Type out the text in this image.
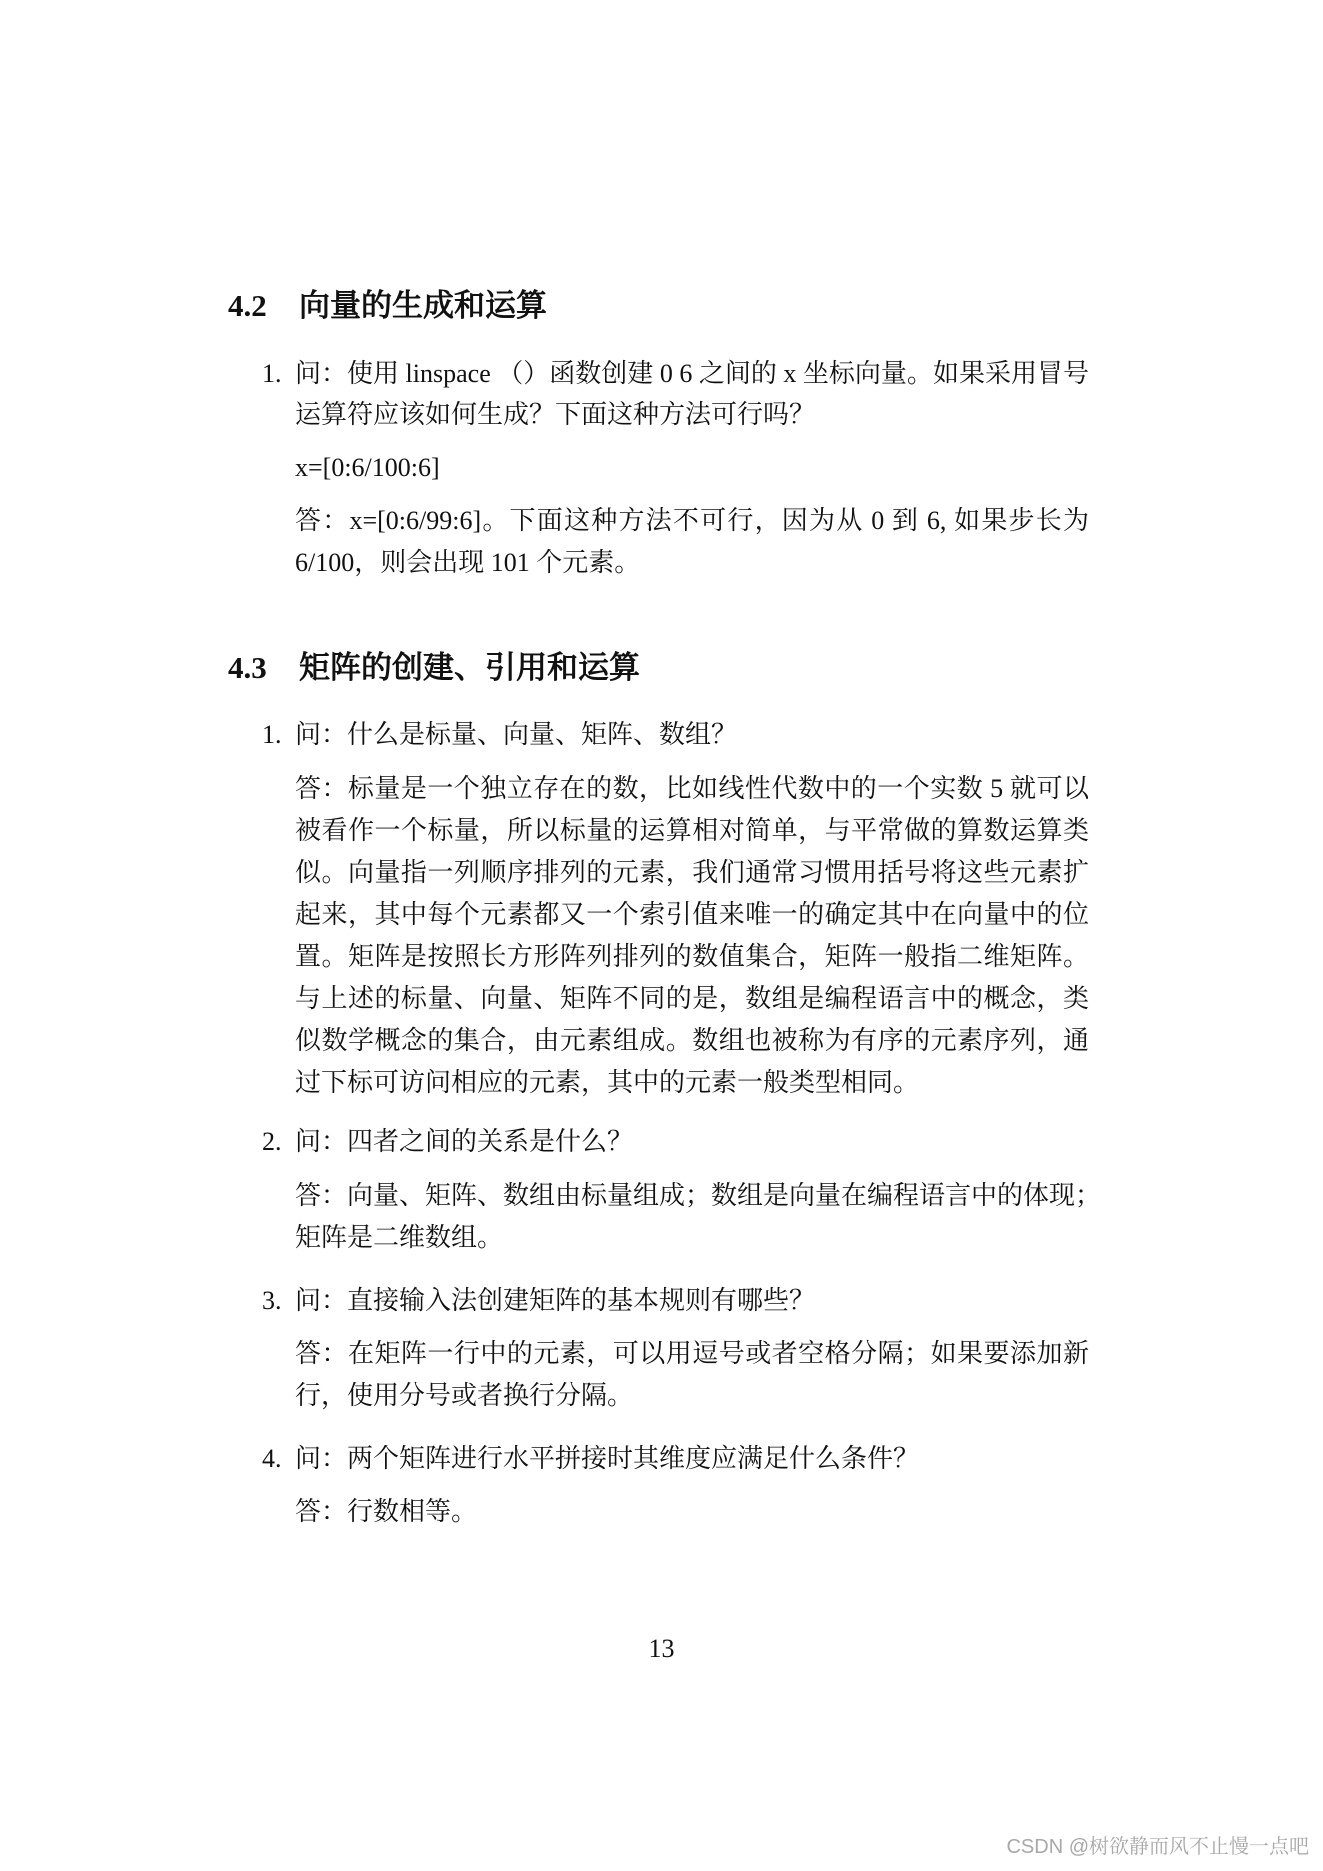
4.2 向量的生成和运算
1. 问：使用 linspace （）函数创建 0 6 之间的 x 坐标向量。如果采用冒号
运算符应该如何生成？下面这种方法可行吗？
x=[0:6/100:6]
答：x=[0:6/99:6]。下面这种方法不可行，因为从 0 到 6, 如果步长为
6/100，则会出现 101 个元素。
4.3 矩阵的创建、引用和运算
1. 问：什么是标量、向量、矩阵、数组？
答：标量是一个独立存在的数，比如线性代数中的一个实数 5 就可以
被看作一个标量，所以标量的运算相对简单，与平常做的算数运算类
似。向量指一列顺序排列的元素，我们通常习惯用括号将这些元素扩
起来，其中每个元素都又一个索引值来唯一的确定其中在向量中的位
置。矩阵是按照长方形阵列排列的数值集合，矩阵一般指二维矩阵。
与上述的标量、向量、矩阵不同的是，数组是编程语言中的概念，类
似数学概念的集合，由元素组成。数组也被称为有序的元素序列，通
过下标可访问相应的元素，其中的元素一般类型相同。
2. 问：四者之间的关系是什么？
答：向量、矩阵、数组由标量组成；数组是向量在编程语言中的体现；
矩阵是二维数组。
3. 问：直接输入法创建矩阵的基本规则有哪些？
答：在矩阵一行中的元素，可以用逗号或者空格分隔；如果要添加新
行，使用分号或者换行分隔。
4. 问：两个矩阵进行水平拼接时其维度应满足什么条件？
答：行数相等。
13
CSDN @树欲静而风不止慢一点吧
